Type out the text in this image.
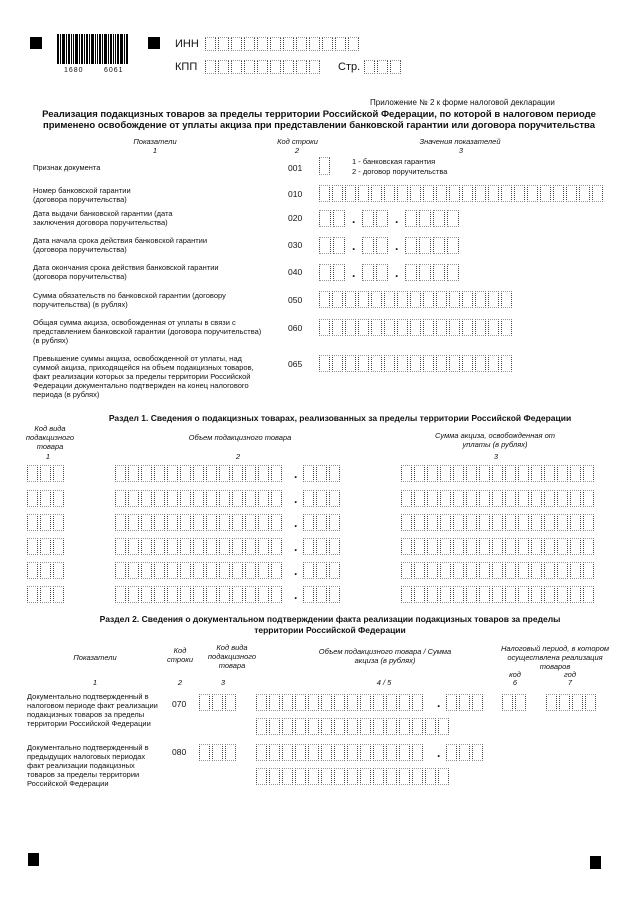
1680	6061
ИНН
КПП	Стр.
Приложение № 2 к форме налоговой декларации
Реализация подакцизных товаров за пределы территории Российской Федерации, по которой в налоговом периоде применено освобождение от уплаты акциза при представлении банковской гарантии или договора поручительства
Показатели	Код строки	Значения показателей
1	2	3
Признак документа	001
1 - банковская гарантия
2 - договор поручительства
Номер банковской гарантии (договора поручительства)
010
Дата выдачи банковской гарантии (дата заключения договора поручительства)	020	.	.
Дата начала срока действия банковской гарантии (договора поручительства)	030	.	.
Дата окончания срока действия банковской гарантии (договора поручительства)	040	.	.
Сумма обязательств по банковской гарантии (договору поручительства) (в рублях)	050
Общая сумма акциза, освобожденная от уплаты в связи с представлением банковской гарантии (договора поручительства) (в рублях)
060
Превышение суммы акциза, освобожденной от уплаты, над суммой акциза, приходящейся на объем подакцизных товаров, факт реализации которых за пределы территории Российской Федерации документально подтвержден на конец налогового периода (в рублях)
065
Раздел 1. Сведения о подакцизных товарах, реализованных за пределы территории Российской Федерации
Код вида подакцизного товара
Объем подакцизного товара	Сумма акциза, освобожденная от уплаты (в рублях)
1	2	3
.
.
.
.
.
.
Раздел 2. Сведения о документальном подтверждении факта реализации подакцизных товаров за пределы территории Российской Федерации
Показатели
Код строки
Код вида подакцизного товара
Объем подакцизного товара / Сумма акциза (в рублях)
Налоговый период, в котором осуществлена реализация товаров
код	год
1	2	3	4 / 5	6	7
Документально подтвержденный в налоговом периоде факт реализации подакцизных товаров за пределы территории Российской Федерации
070	.
Документально подтвержденный в предыдущих налоговых периодах факт реализации подакцизных товаров за пределы территории Российской Федерации
080	.
